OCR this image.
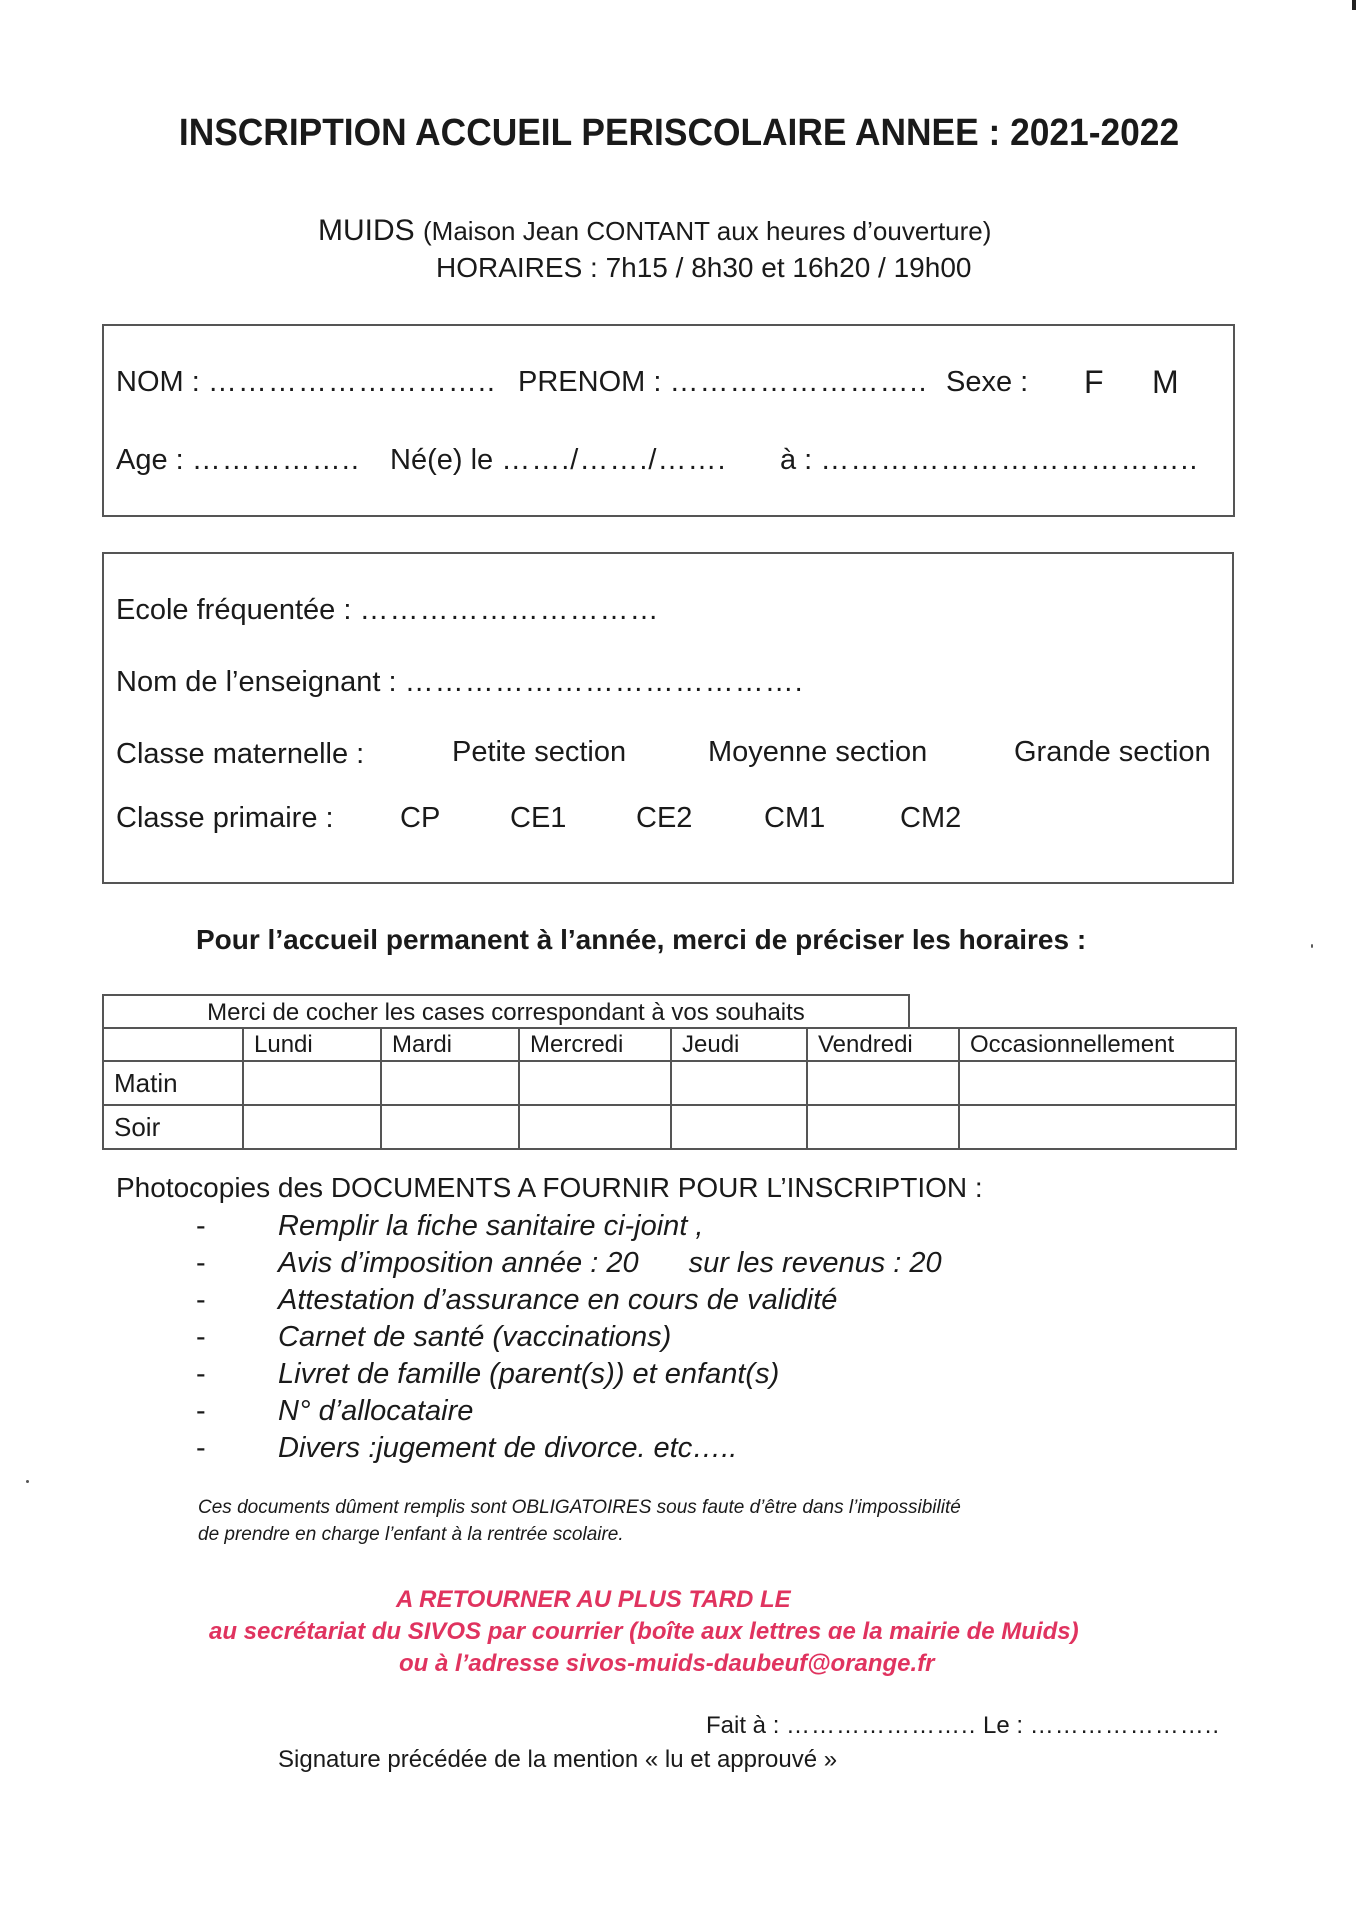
INSCRIPTION ACCUEIL PERISCOLAIRE ANNEE : 2021-2022
MUIDS (Maison Jean CONTANT aux heures d’ouverture)
HORAIRES : 7h15 / 8h30 et 16h20 / 19h00
NOM : ……………………….. PRENOM : …………………….. Sexe : F M
Age : …………….. Né(e) le ……./……./……. à : ………………………………..
Ecole fréquentée : …………………………
Nom de l’enseignant : ………………………………….
Classe maternelle :	Petite section	Moyenne section	Grande section
Classe primaire : CP CE1 CE2 CM1	CM2
Pour l’accueil permanent à l’année, merci de préciser les horaires :
Merci de cocher les cases correspondant à vos souhaits
	Lundi	Mardi	Mercredi	Jeudi	Vendredi	Occasionnellement
Matin						
Soir						
Photocopies des DOCUMENTS A FOURNIR POUR L’INSCRIPTION :
-	Remplir la fiche sanitaire ci-joint ,
-	Avis d’imposition année : 20 sur les revenus : 20
-	Attestation d’assurance en cours de validité
-	Carnet de santé (vaccinations)
-	Livret de famille (parent(s)) et enfant(s)
-	N° d’allocataire
-	Divers :jugement de divorce. etc…..
Ces documents dûment remplis sont OBLIGATOIRES sous faute d’être dans l’impossibilité
de prendre en charge l’enfant à la rentrée scolaire.
A RETOURNER AU PLUS TARD LE
au secrétariat du SIVOS par courrier (boîte aux lettres ɑe la mairie de Muids)
ou à l’adresse sivos-muids-daubeuf@orange.fr
Fait à : ………………….. Le : …………………..
Signature précédée de la mention « lu et approuvé »
